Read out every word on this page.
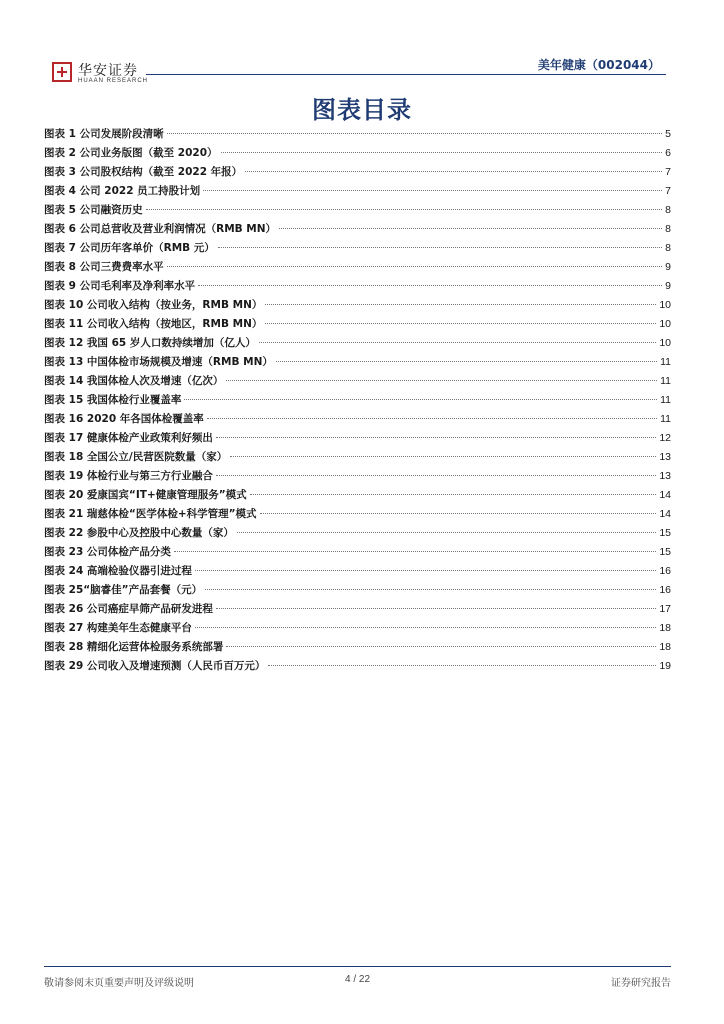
华安证券
HUAAN RESEARCH
美年健康（002044）
图表目录
图表 1 公司发展阶段清晰	5
图表 2 公司业务版图（截至 2020）	6
图表 3 公司股权结构（截至 2022 年报）	7
图表 4 公司 2022 员工持股计划	7
图表 5 公司融资历史	8
图表 6 公司总营收及营业利润情况（RMB MN）	8
图表 7 公司历年客单价（RMB 元）	8
图表 8 公司三费费率水平	9
图表 9 公司毛利率及净利率水平	9
图表 10 公司收入结构（按业务，RMB MN）	10
图表 11 公司收入结构（按地区，RMB MN）	10
图表 12 我国 65 岁人口数持续增加（亿人）	10
图表 13 中国体检市场规模及增速（RMB MN）	11
图表 14 我国体检人次及增速（亿次）	11
图表 15 我国体检行业覆盖率	11
图表 16 2020 年各国体检覆盖率	11
图表 17 健康体检产业政策利好频出	12
图表 18 全国公立/民营医院数量（家）	13
图表 19 体检行业与第三方行业融合	13
图表 20 爱康国宾“IT+健康管理服务”模式	14
图表 21 瑞慈体检“医学体检+科学管理”模式	14
图表 22 参股中心及控股中心数量（家）	15
图表 23 公司体检产品分类	15
图表 24 高端检验仪器引进过程	16
图表 25“脑睿佳”产品套餐（元）	16
图表 26 公司癌症早筛产品研发进程	17
图表 27 构建美年生态健康平台	18
图表 28 精细化运营体检服务系统部署	18
图表 29 公司收入及增速预测（人民币百万元）	19
敬请参阅末页重要声明及评级说明	4 / 22	证券研究报告
